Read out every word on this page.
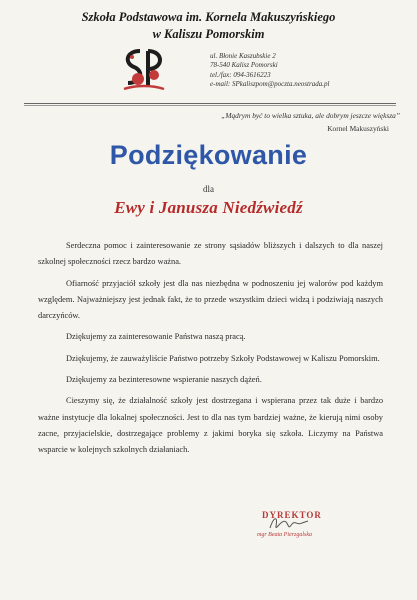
Szkoła Podstawowa im. Kornela Makuszyńskiego
w Kaliszu Pomorskim
ul. Błonie Kaszubskie 2
78-540 Kalisz Pomorski
tel./fax: 094-3616223
e-mail: SPkaliszpom@poczta.neostrada.pl
„Mądrym być to wielka sztuka, ale dobrym jeszcze większa”
Kornel Makuszyński
Podziękowanie
dla
Ewy i Janusza Niedźwiedź

Serdeczna pomoc i zainteresowanie ze strony sąsiadów bliższych i dalszych to dla naszej szkolnej społeczności rzecz bardzo ważna.

Ofiarność przyjaciół szkoły jest dla nas niezbędna w podnoszeniu jej walorów pod każdym względem. Najważniejszy jest jednak fakt, że to przede wszystkim dzieci widzą i podziwiają naszych darczyńców.

Dziękujemy za zainteresowanie Państwa naszą pracą.

Dziękujemy, że zauważyliście Państwo potrzeby Szkoły Podstawowej w Kaliszu Pomorskim.

Dziękujemy za bezinteresowne wspieranie naszych dążeń.

Cieszymy się, że działalność szkoły jest dostrzegana i wspierana przez tak duże i bardzo ważne instytucje dla lokalnej społeczności. Jest to dla nas tym bardziej ważne, że kierują nimi osoby zacne, przyjacielskie, dostrzegające problemy z jakimi boryka się szkoła. Liczymy na Państwa wsparcie w kolejnych szkolnych działaniach.

DYREKTOR
mgr Beata Pierzgalska
